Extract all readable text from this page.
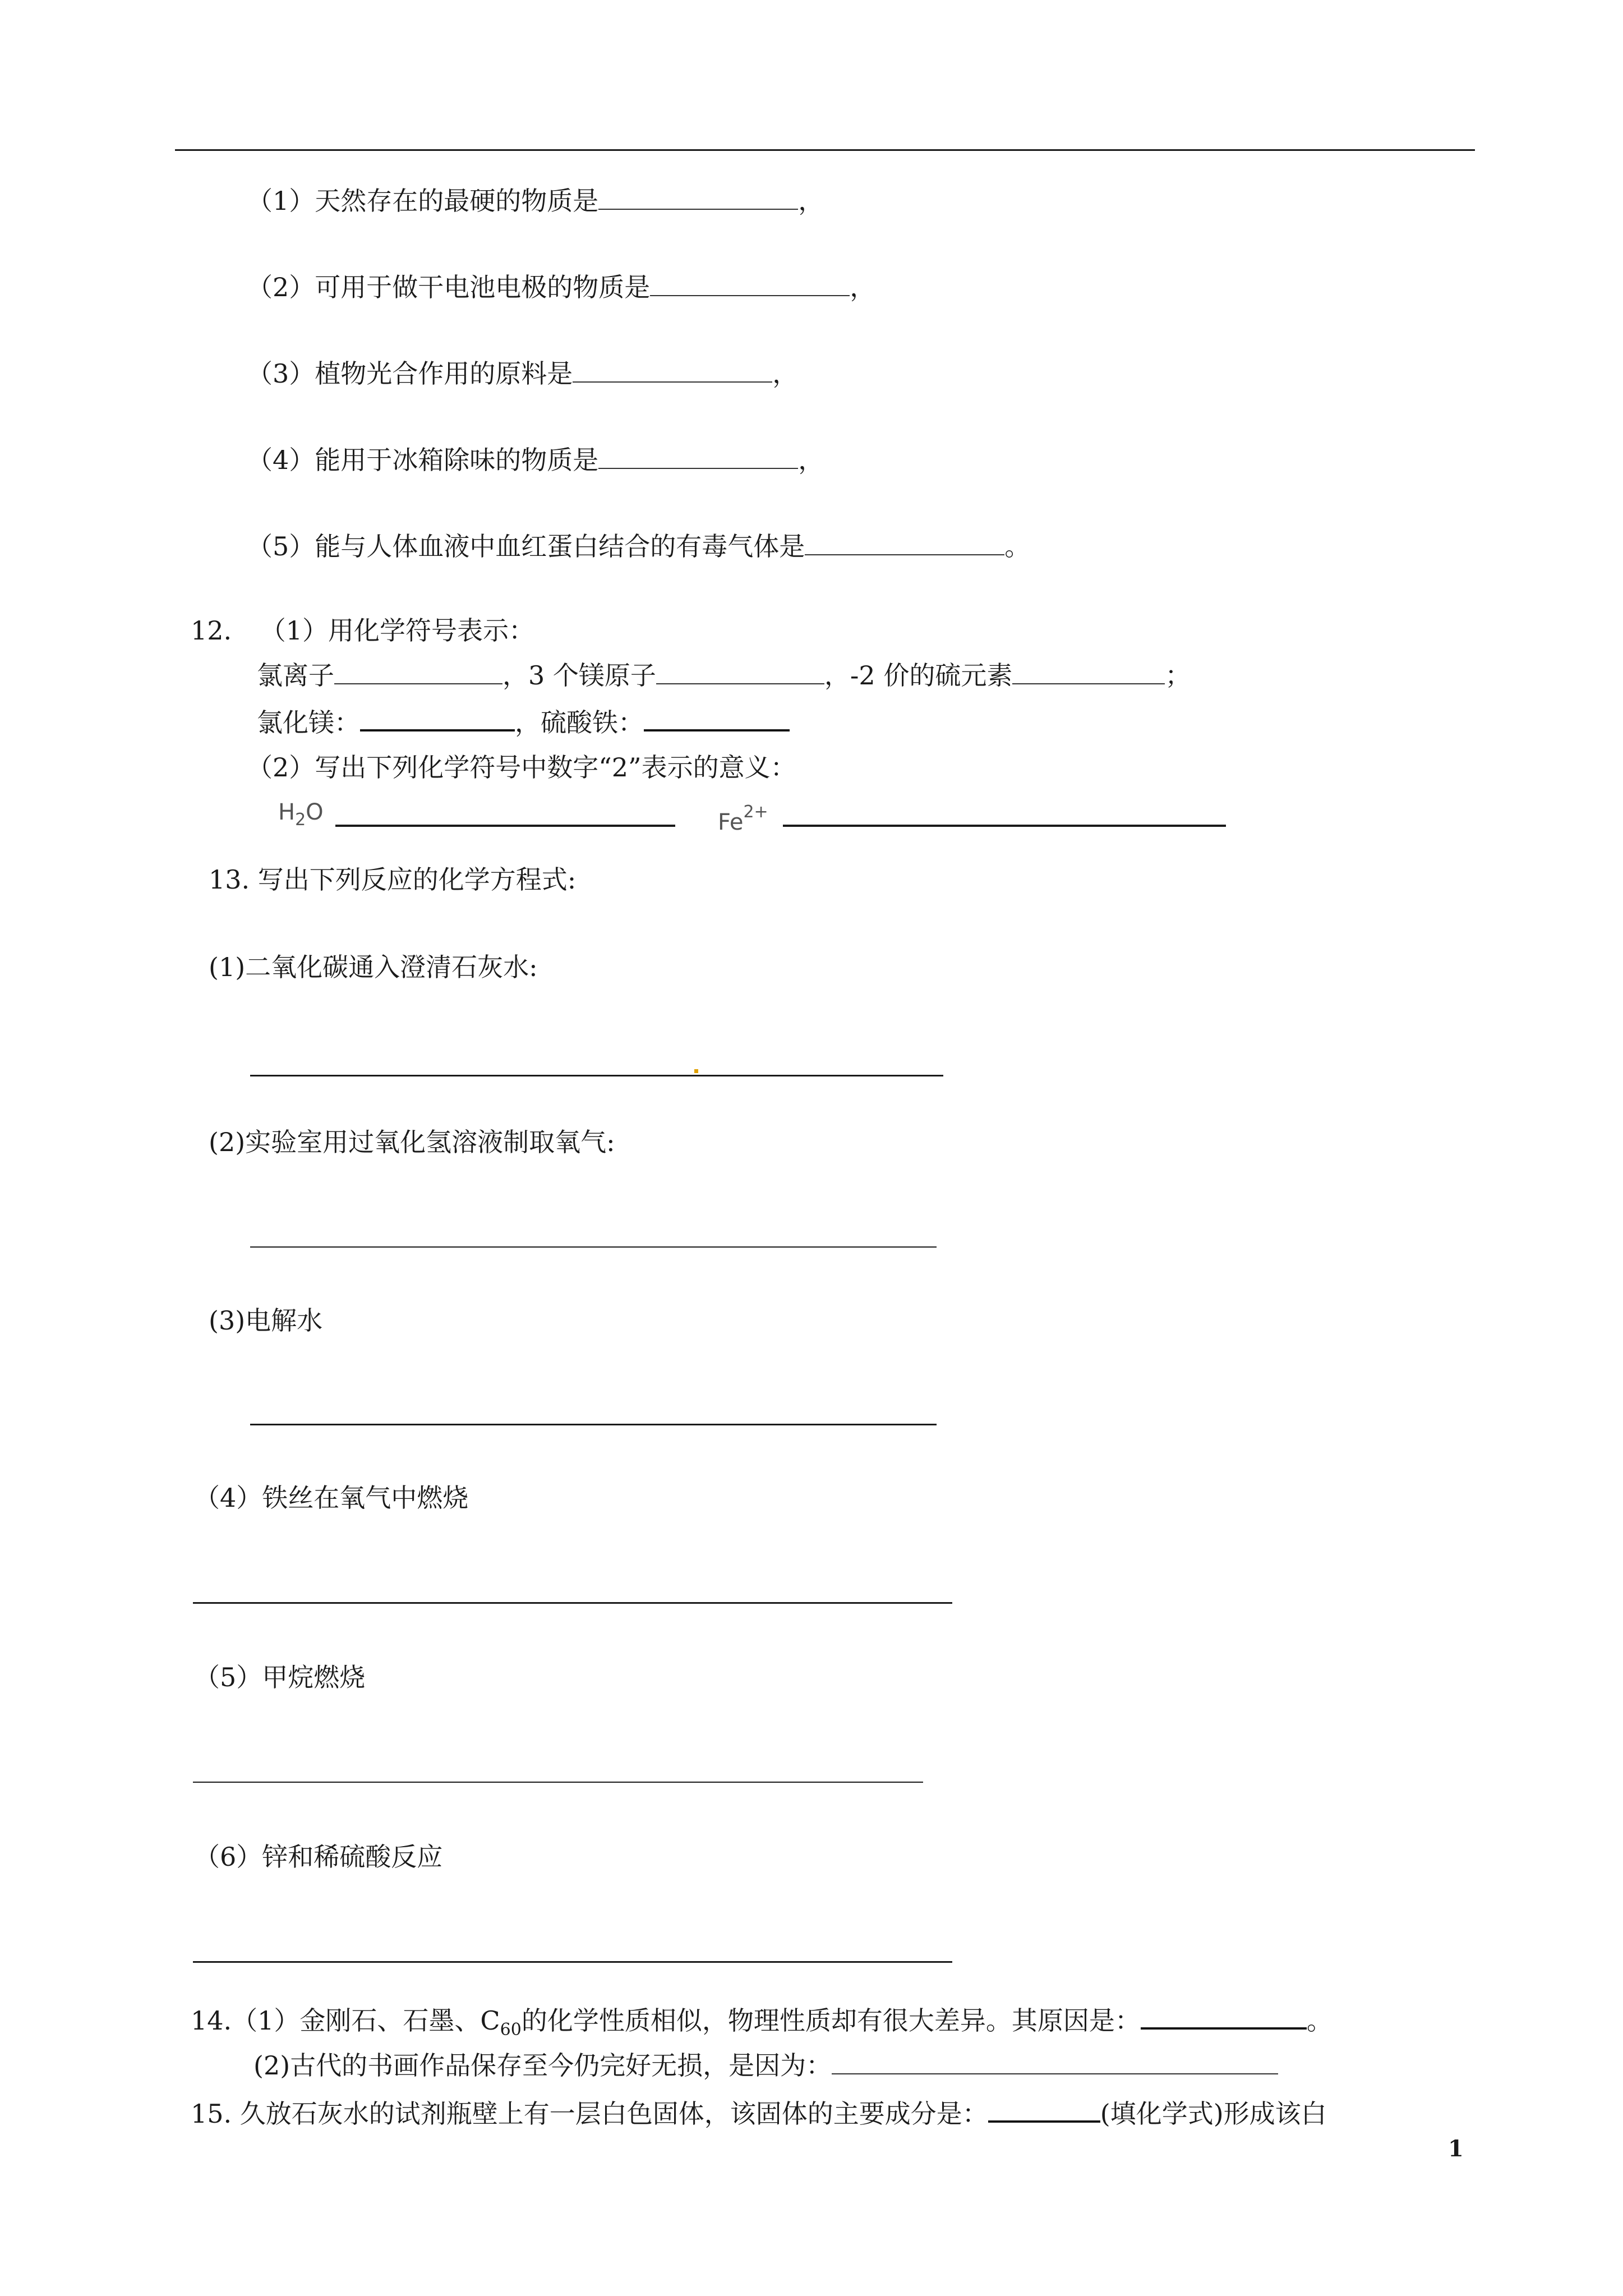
（1）天然存在的最硬的物质是	，
（2）可用于做干电池电极的物质是	，
（3）植物光合作用的原料是	，
（4）能用于冰箱除味的物质是	，
（5）能与人体血液中血红蛋白结合的有毒气体是	。
12. （1）用化学符号表示：
氯离子	，3 个镁原子	，-2 价的硫元素	；
氯化镁：	，硫酸铁：
（2）写出下列化学符号中数字“2”表示的意义：
$H_2O$	$Fe^{2+}$
13. 写出下列反应的化学方程式:
(1)二氧化碳通入澄清石灰水:
(2)实验室用过氧化氢溶液制取氧气:
(3)电解水
（4）铁丝在氧气中燃烧
（5）甲烷燃烧
（6）锌和稀硫酸反应
14.（1）金刚石、石墨、$C_{60}$的化学性质相似，物理性质却有很大差异。其原因是：	。
(2)古代的书画作品保存至今仍完好无损，是因为：
15. 久放石灰水的试剂瓶壁上有一层白色固体，该固体的主要成分是：	(填化学式)形成该白
1
